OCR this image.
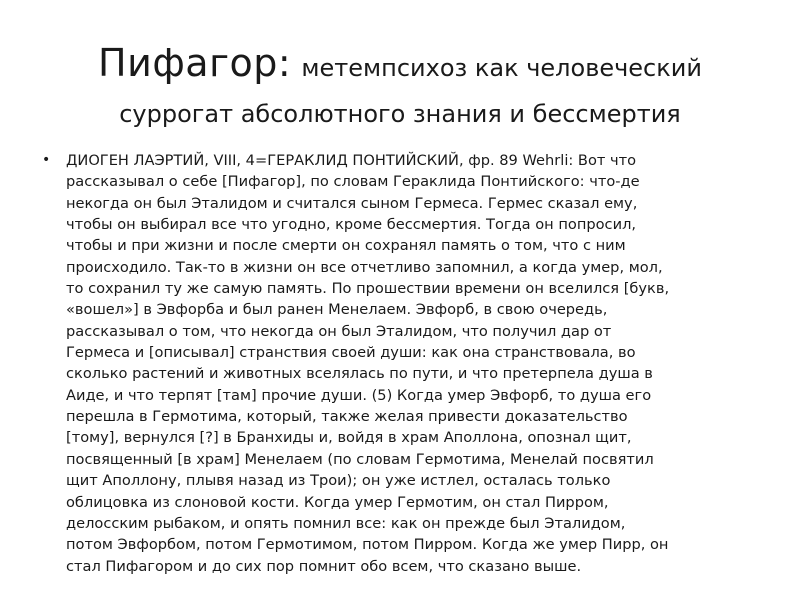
Пифагор: метемпсихоз как человеческий
суррогат абсолютного знания и бессмертия
•	ДИОГЕН ЛАЭРТИЙ, VIII, 4=ГЕРАКЛИД ПОНТИЙСКИЙ, фр. 89 Wehrli: Вот что
рассказывал о себе [Пифагор], по словам Гераклида Понтийского: что-де
некогда он был Эталидом и считался сыном Гермеса. Гермес сказал ему,
чтобы он выбирал все что угодно, кроме бессмертия. Тогда он попросил,
чтобы и при жизни и после смерти он сохранял память о том, что с ним
происходило. Так-то в жизни он все отчетливо запомнил, а когда умер, мол,
то сохранил ту же самую память. По прошествии времени он вселился [букв,
«вошел»] в Эвфорба и был ранен Менелаем. Эвфорб, в свою очередь,
рассказывал о том, что некогда он был Эталидом, что получил дар от
Гермеса и [описывал] странствия своей души: как она странствовала, во
сколько растений и животных вселялась по пути, и что претерпела душа в
Аиде, и что терпят [там] прочие души. (5) Когда умер Эвфорб, то душа его
перешла в Гермотима, который, также желая привести доказательство
[тому], вернулся [?] в Бранхиды и, войдя в храм Аполлона, опознал щит,
посвященный [в храм] Менелаем (по словам Гермотима, Менелай посвятил
щит Аполлону, плывя назад из Трои); он уже истлел, осталась только
облицовка из слоновой кости. Когда умер Гермотим, он стал Пирром,
делосским рыбаком, и опять помнил все: как он прежде был Эталидом,
потом Эвфорбом, потом Гермотимом, потом Пирром. Когда же умер Пирр, он
стал Пифагором и до сих пор помнит обо всем, что сказано выше.
